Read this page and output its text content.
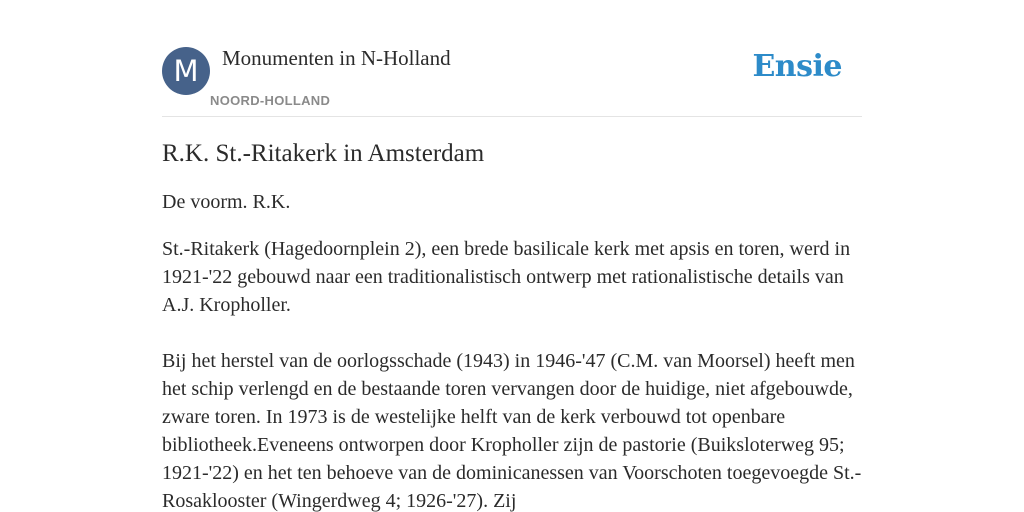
M	Monumenten in N-Holland
NOORD-HOLLAND
Ensie
R.K. St.-Ritakerk in Amsterdam

De voorm. R.K.

St.-Ritakerk (Hagedoornplein 2), een brede basilicale kerk met apsis en toren, werd in 1921-'22 gebouwd naar een traditionalistisch ontwerp met rationalistische details van A.J. Kropholler.

Bij het herstel van de oorlogsschade (1943) in 1946-'47 (C.M. van Moorsel) heeft men het schip verlengd en de bestaande toren vervangen door de huidige, niet afgebouwde, zware toren. In 1973 is de westelijke helft van de kerk verbouwd tot openbare bibliotheek.Eveneens ontworpen door Kropholler zijn de pastorie (Buiksloterweg 95; 1921-'22) en het ten behoeve van de dominicanessen van Voorschoten toegevoegde St.-Rosaklooster (Wingerdweg 4; 1926-'27). Zij
